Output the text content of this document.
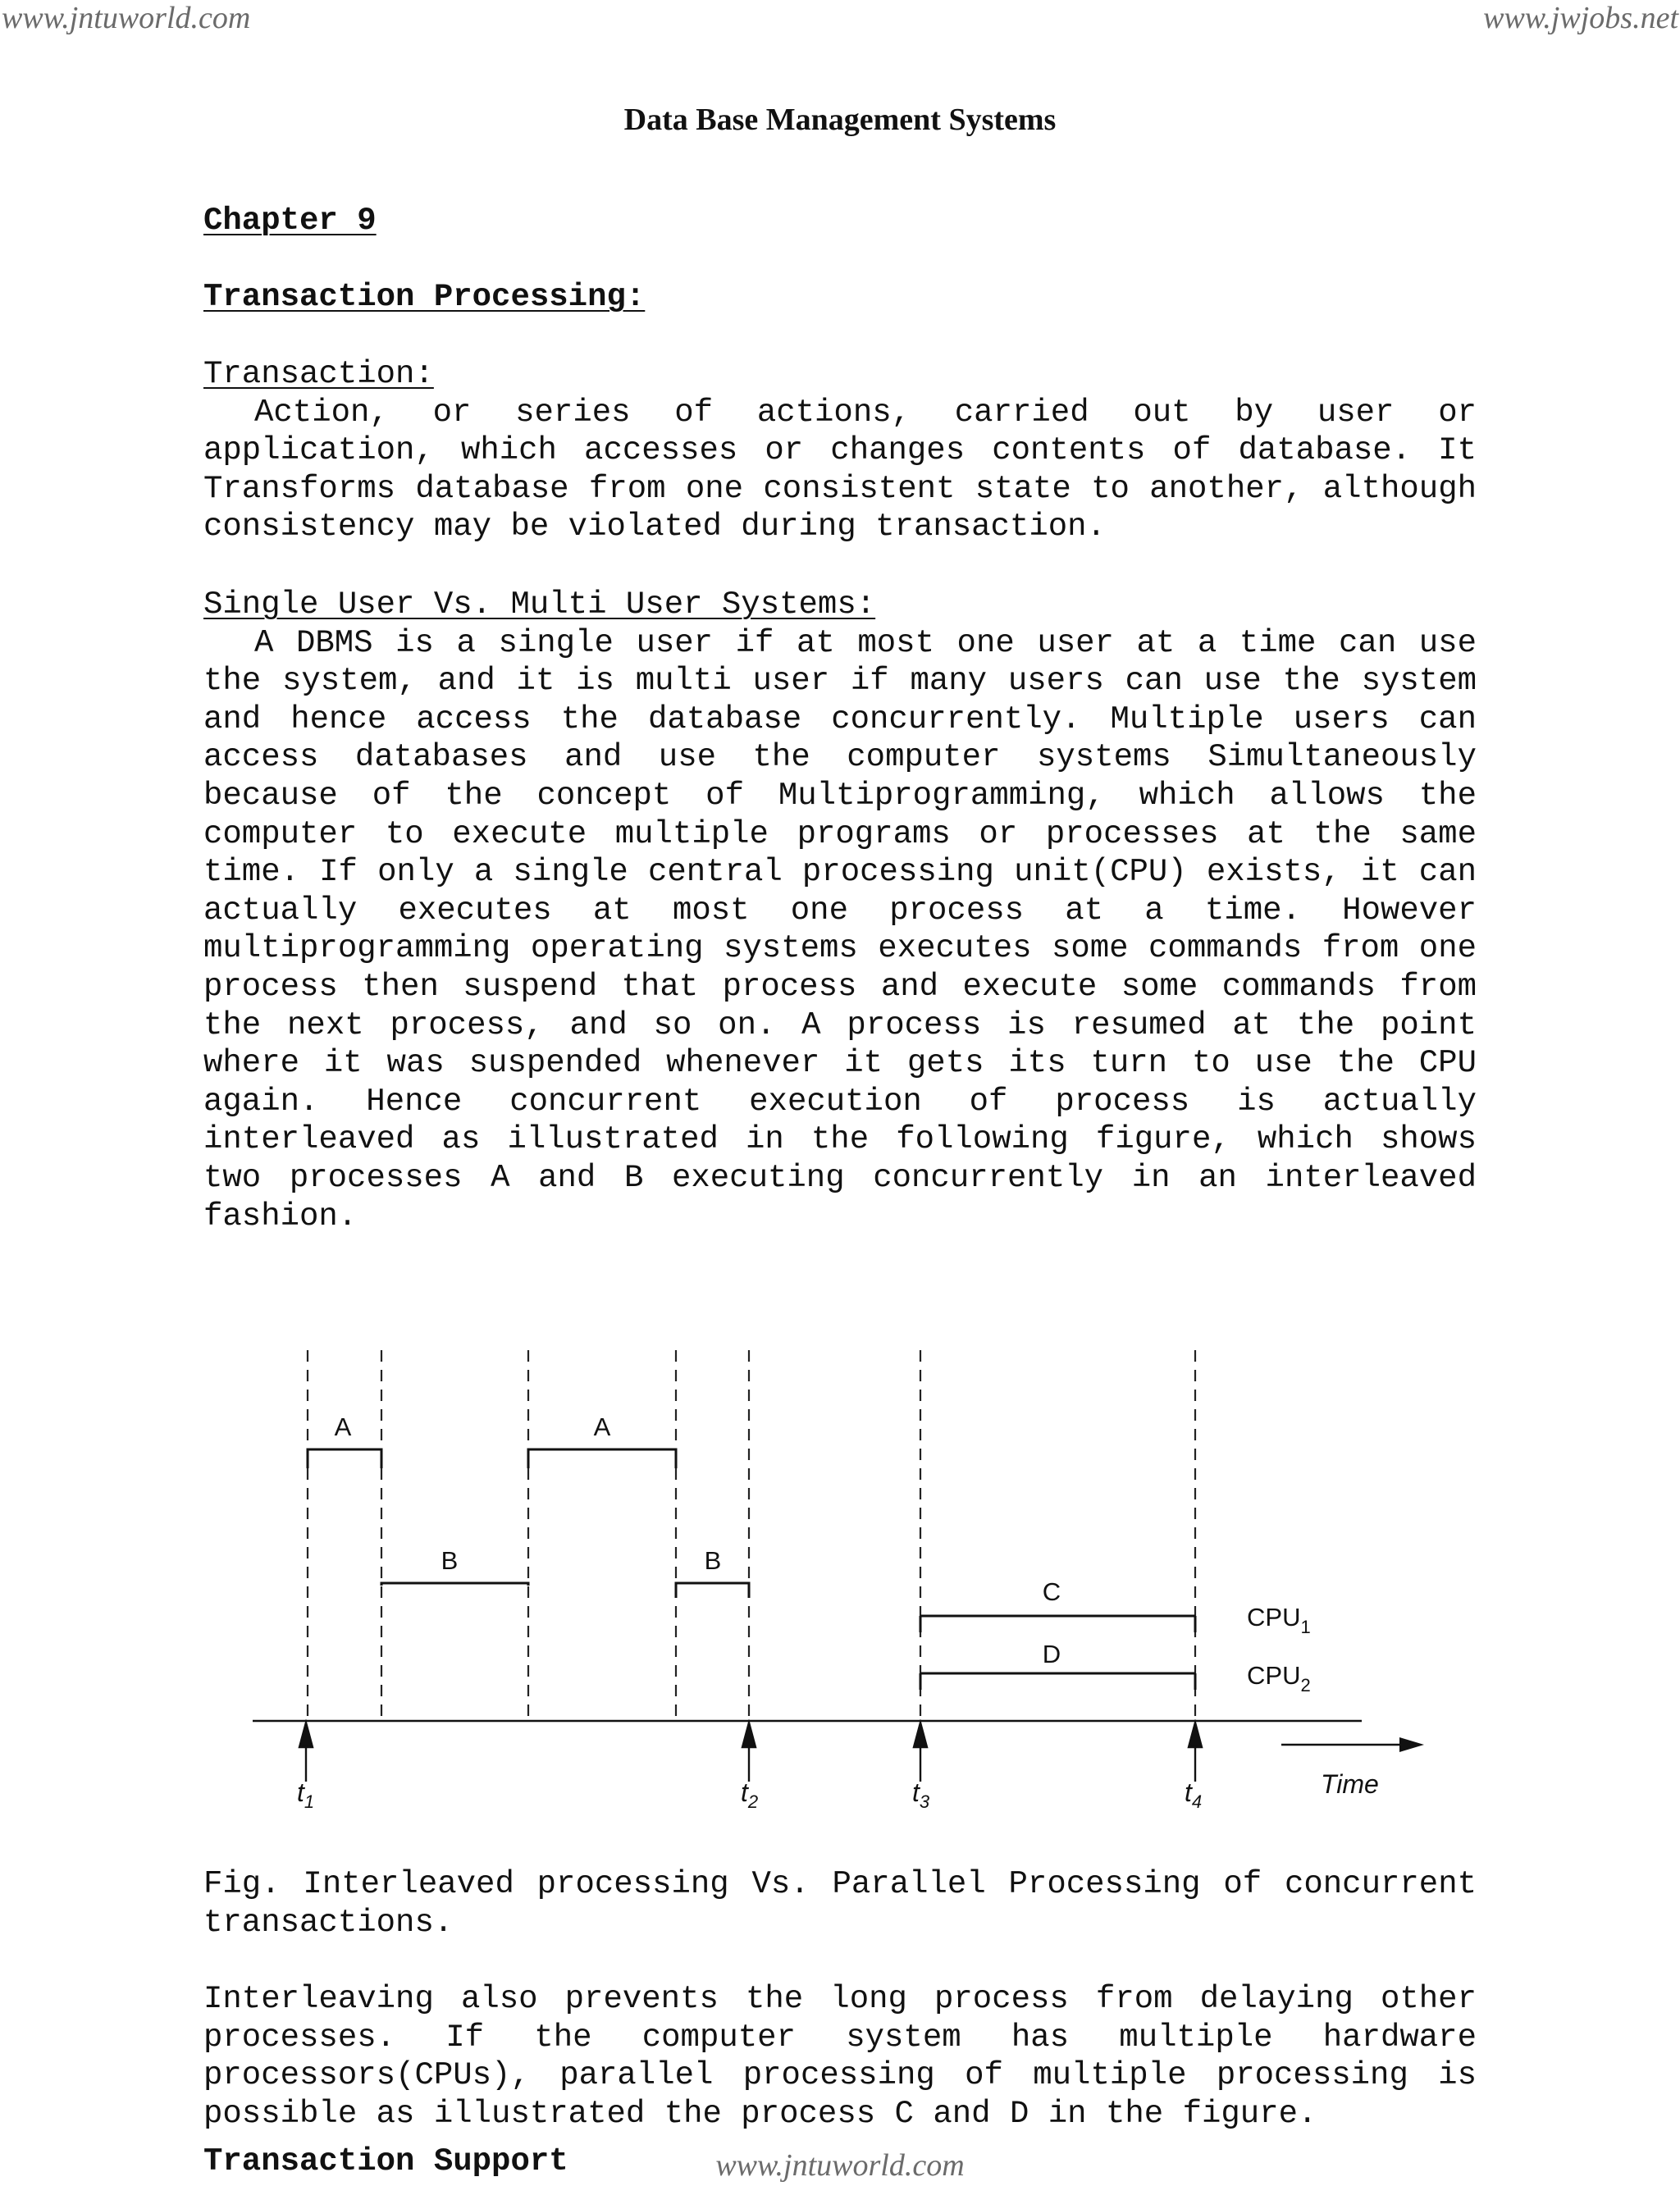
www.jntuworld.com	www.jwjobs.net
Data Base Management Systems
Chapter 9
Transaction Processing:
Transaction:

Action, or series of actions, carried out by user or application, which accesses or changes contents of database. It Transforms database from one consistent state to another, although consistency may be violated during transaction.

Single User Vs. Multi User Systems:

A DBMS is a single user if at most one user at a time can use the system, and it is multi user if many users can use the system and hence access the database concurrently. Multiple users can access databases and use the computer systems Simultaneously because of the concept of Multiprogramming, which allows the computer to execute multiple programs or processes at the same time. If only a single central processing unit(CPU) exists, it can actually executes at most one process at a time. However multiprogramming operating systems executes some commands from one process then suspend that process and execute some commands from the next process, and so on. A process is resumed at the point where it was suspended whenever it gets its turn to use the CPU again. Hence concurrent execution of process is actually interleaved as illustrated in the following figure, which shows two processes A and B executing concurrently in an interleaved fashion.

A
B
A
B
C
D
$CPU_1$
$CPU_2$
Time
$t_1$	$t_2$	$t_3$	$t_4$

Fig. Interleaved processing Vs. Parallel Processing of concurrent transactions.

Interleaving also prevents the long process from delaying other processes. If the computer system has multiple hardware processors(CPUs), parallel processing of multiple processing is possible as illustrated the process C and D in the figure.

Transaction Support	www.jntuworld.com
